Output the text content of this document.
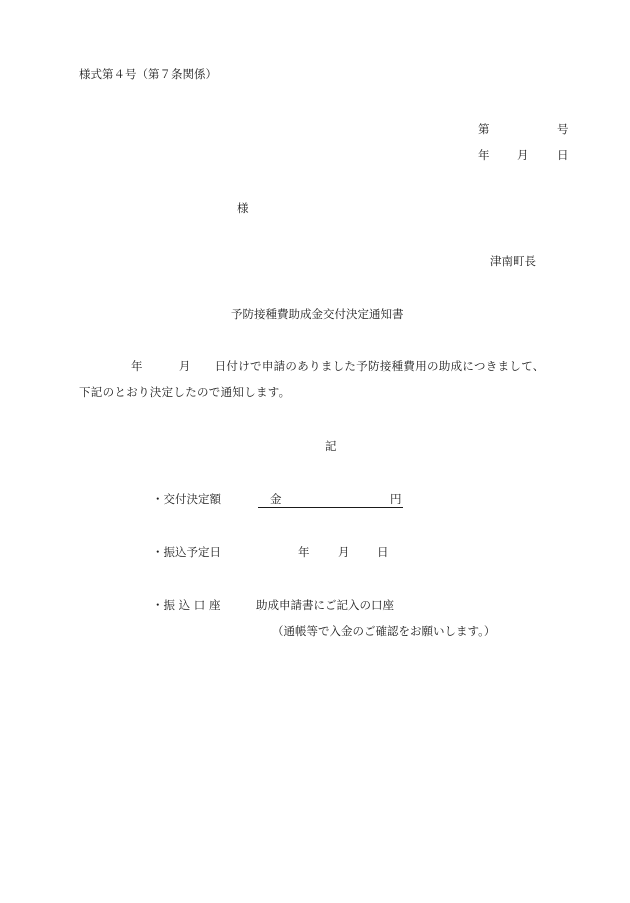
様式第４号（第７条関係）
第	号
年 月 日
様
津南町長
予防接種費助成金交付決定通知書
年	月 日付けで申請のありました予防接種費用の助成につきまして、
下記のとおり決定したので通知します。
記
・交付決定額	金	円
・振込予定日	年 月 日
・振 込 口 座	助成申請書にご記入の口座
（通帳等で入金のご確認をお願いします。）
